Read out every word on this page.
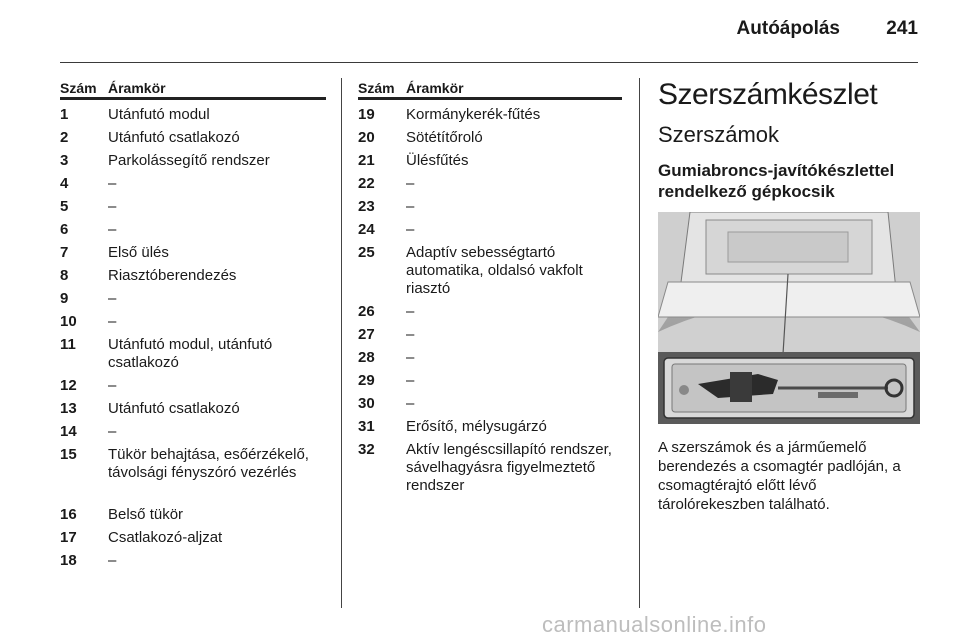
Autóápolás 241
Szám Áramkör
1	Utánfutó modul
2	Utánfutó csatlakozó
3	Parkolássegítő rendszer
4	–
5	–
6	–
7	Első ülés
8	Riasztóberendezés
9	–
10 –
11 Utánfutó modul, utánfutó csatlakozó
12 –
13 Utánfutó csatlakozó
14 –
15 Tükör behajtása, esőérzékelő, távolsági fényszóró vezérlés
16 Belső tükör
17 Csatlakozó-aljzat
18 –
Szám Áramkör
19 Kormánykerék-fűtés
20 Sötétítőroló
21 Ülésfűtés
22 –
23 –
24 –
25 Adaptív sebességtartó automatika, oldalsó vakfolt riasztó
26 –
27 –
28 –
29 –
30 –
31 Erősítő, mélysugárzó
32 Aktív lengéscsillapító rendszer, sávelhagyásra figyelmeztető rendszer
Szerszámkészlet
Szerszámok
Gumiabroncs-javítókészlettel rendelkező gépkocsik
A szerszámok és a járműemelő berendezés a csomagtér padlóján, a csomagtérajtó előtt lévő tárolórekeszben található.
carmanualsonline.info
